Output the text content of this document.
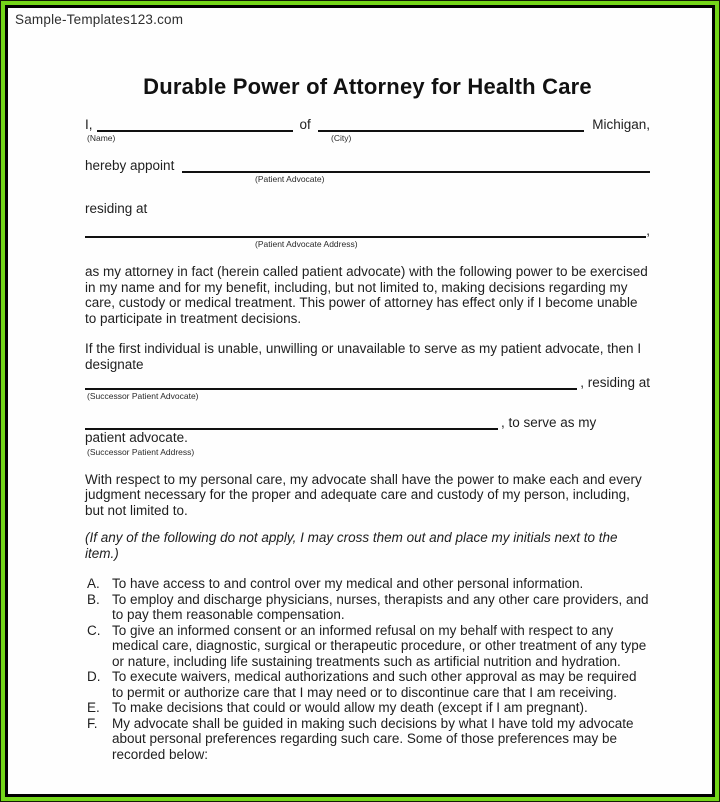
Sample-Templates123.com
Durable Power of Attorney for Health Care
I,	of	Michigan,
(Name)	(City)
hereby appoint
(Patient Advocate)
residing at
,
(Patient Advocate Address)

as my attorney in fact (herein called patient advocate) with the following power to be exercised in my name and for my benefit, including, but not limited to, making decisions regarding my care, custody or medical treatment. This power of attorney has effect only if I become unable to participate in treatment decisions.

If the first individual is unable, unwilling or unavailable to serve as my patient advocate, then I designate

, residing at
(Successor Patient Advocate)
, to serve as my
patient advocate.
(Successor Patient Address)

With respect to my personal care, my advocate shall have the power to make each and every judgment necessary for the proper and adequate care and custody of my person, including, but not limited to.

(If any of the following do not apply, I may cross them out and place my initials next to the item.)

A. To have access to and control over my medical and other personal information.
B. To employ and discharge physicians, nurses, therapists and any other care providers, and to pay them reasonable compensation.
C. To give an informed consent or an informed refusal on my behalf with respect to any medical care, diagnostic, surgical or therapeutic procedure, or other treatment of any type or nature, including life sustaining treatments such as artificial nutrition and hydration.
D. To execute waivers, medical authorizations and such other approval as may be required to permit or authorize care that I may need or to discontinue care that I am receiving.
E. To make decisions that could or would allow my death (except if I am pregnant).
F.	My advocate shall be guided in making such decisions by what I have told my advocate about personal preferences regarding such care. Some of those preferences may be recorded below:
